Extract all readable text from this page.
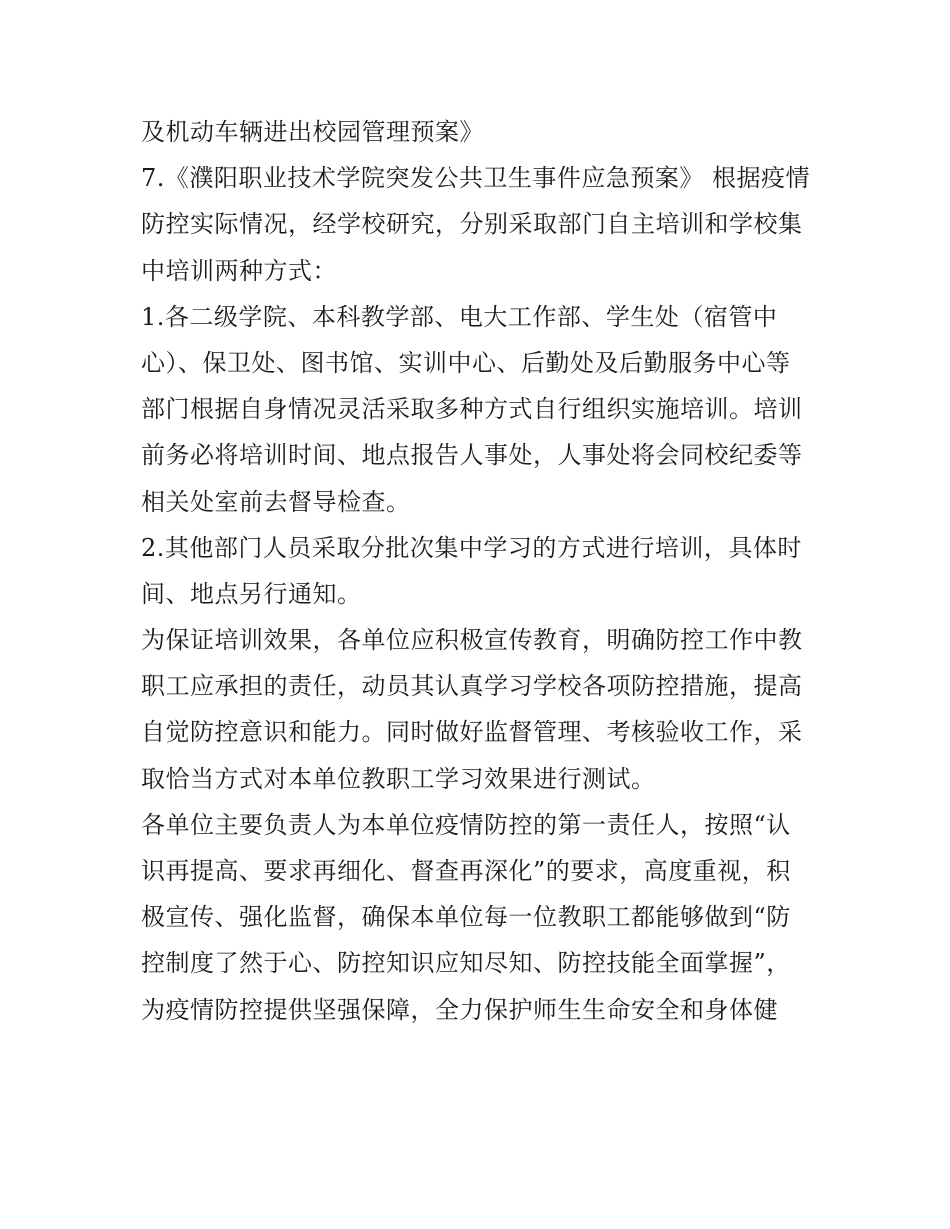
及机动车辆进出校园管理预案》
7.《濮阳职业技术学院突发公共卫生事件应急预案》 根据疫情
防控实际情况，经学校研究，分别采取部门自主培训和学校集
中培训两种方式：
1.各二级学院、本科教学部、电大工作部、学生处（宿管中
心）、保卫处、图书馆、实训中心、后勤处及后勤服务中心等
部门根据自身情况灵活采取多种方式自行组织实施培训。培训
前务必将培训时间、地点报告人事处，人事处将会同校纪委等
相关处室前去督导检查。
2.其他部门人员采取分批次集中学习的方式进行培训，具体时
间、地点另行通知。
为保证培训效果，各单位应积极宣传教育，明确防控工作中教
职工应承担的责任，动员其认真学习学校各项防控措施，提高
自觉防控意识和能力。同时做好监督管理、考核验收工作，采
取恰当方式对本单位教职工学习效果进行测试。
各单位主要负责人为本单位疫情防控的第一责任人，按照“认
识再提高、要求再细化、督查再深化”的要求，高度重视，积
极宣传、强化监督，确保本单位每一位教职工都能够做到“防
控制度了然于心、防控知识应知尽知、防控技能全面掌握”，
为疫情防控提供坚强保障，全力保护师生生命安全和身体健
